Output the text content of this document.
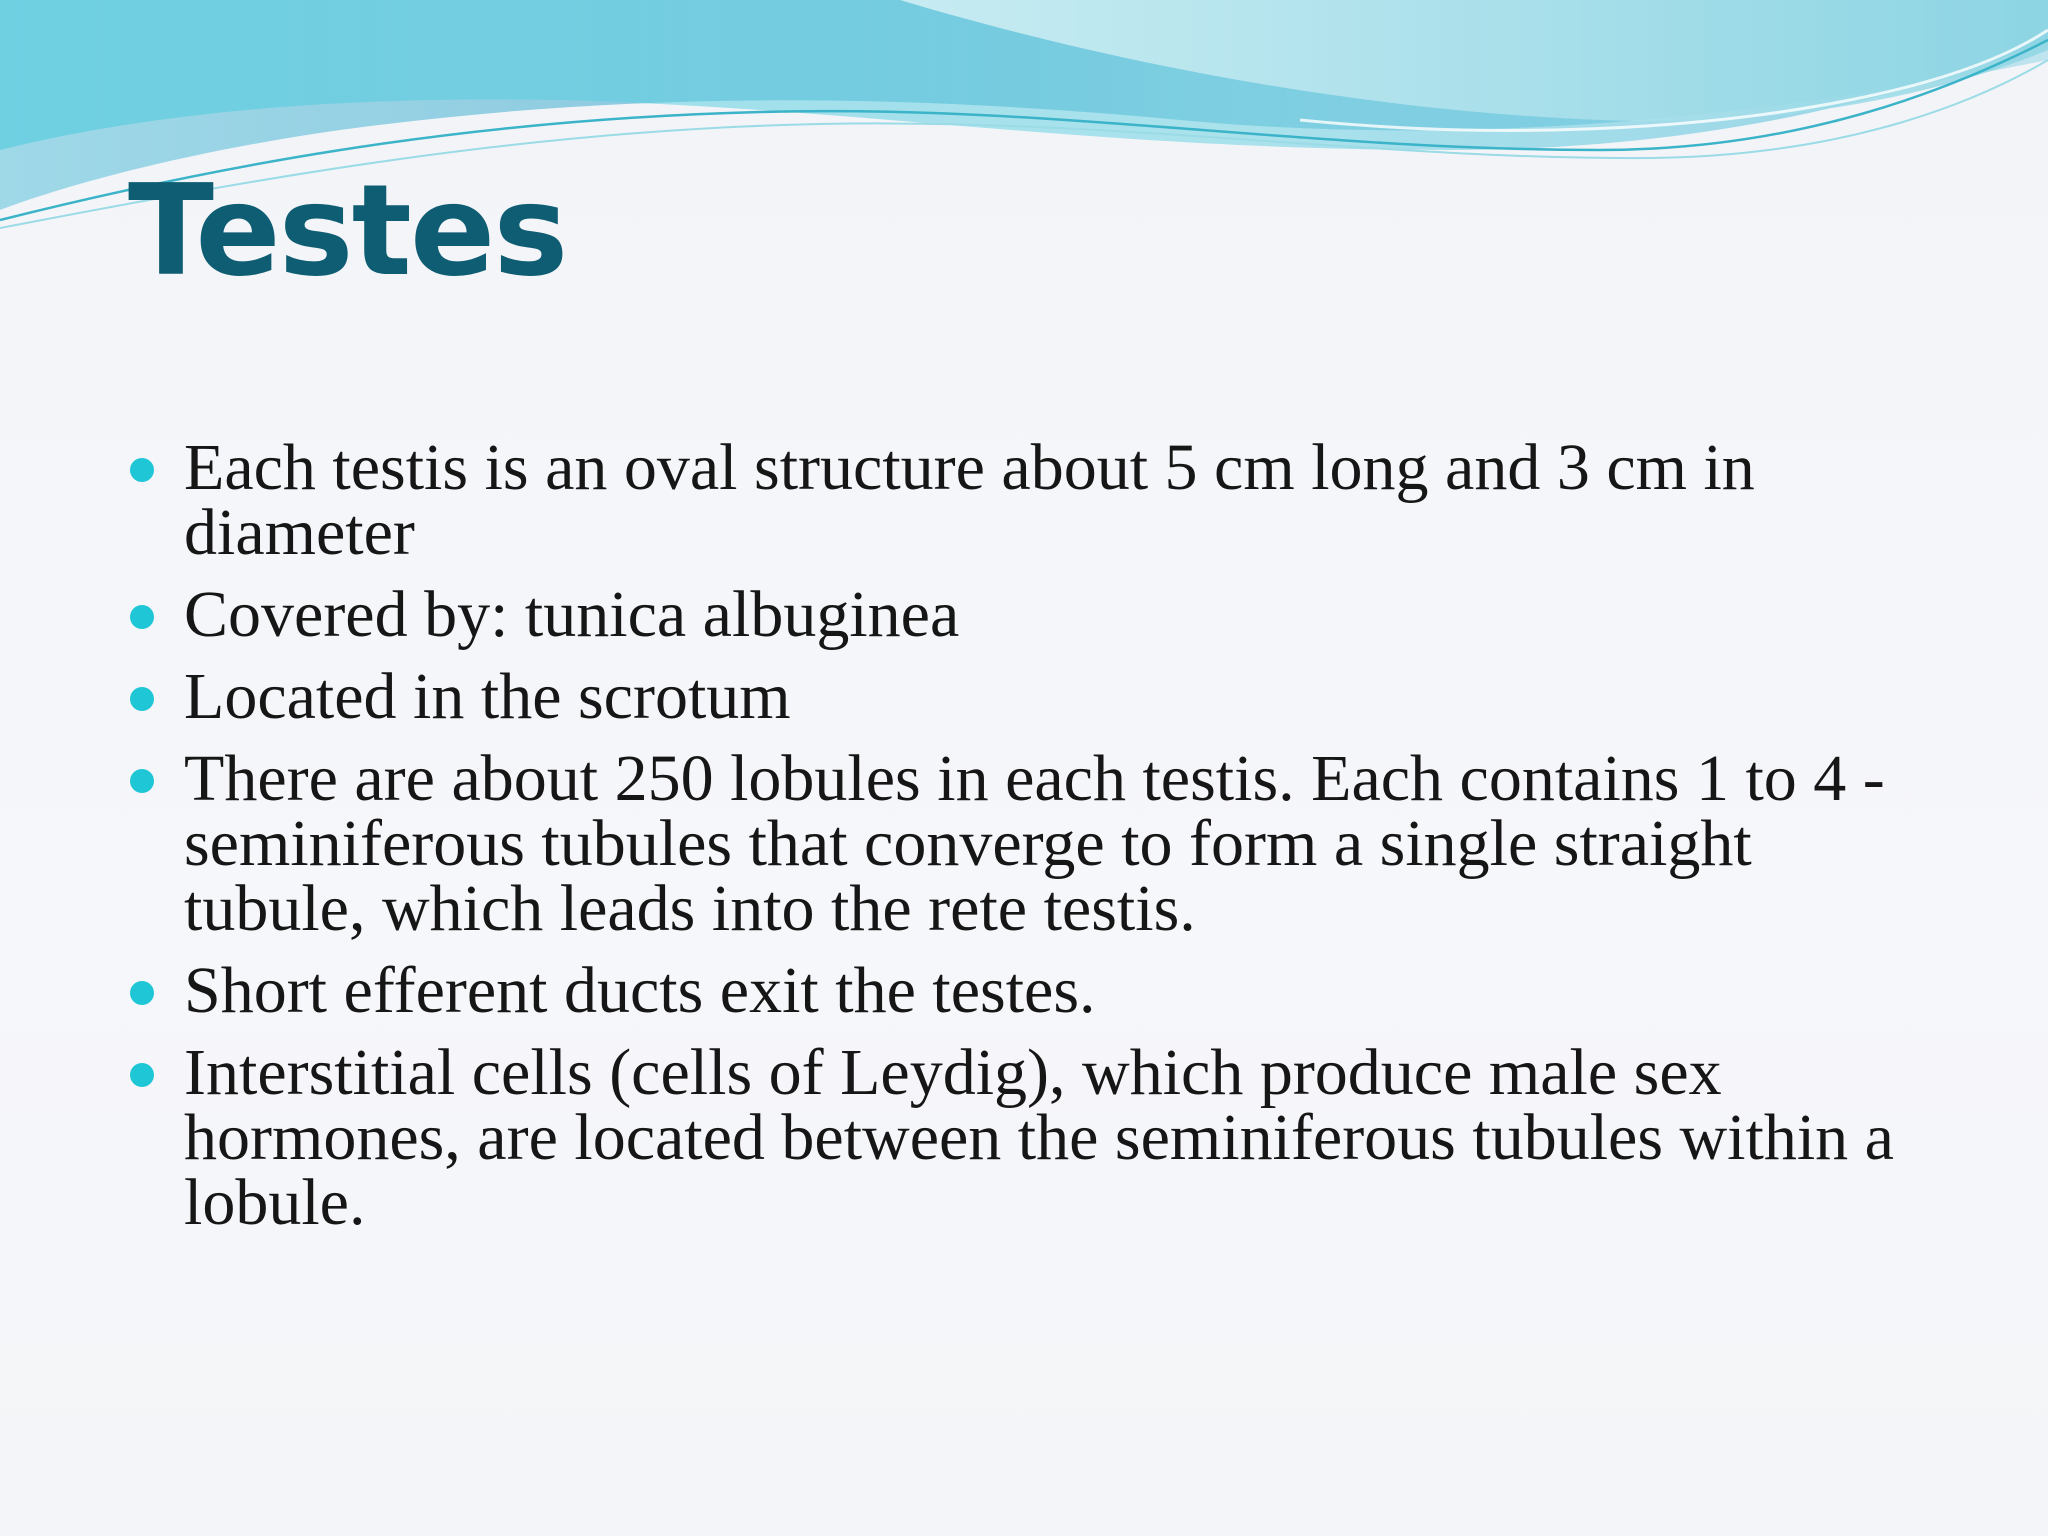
Testes
Each testis is an oval structure about 5 cm long and 3 cm in diameter
Covered by: tunica albuginea
Located in the scrotum
There are about 250 lobules in each testis. Each contains 1 to 4 -seminiferous tubules that converge to form a single straight tubule, which leads into the rete testis.
Short efferent ducts exit the testes.
Interstitial cells (cells of Leydig), which produce male sex hormones, are located between the seminiferous tubules within a lobule.
